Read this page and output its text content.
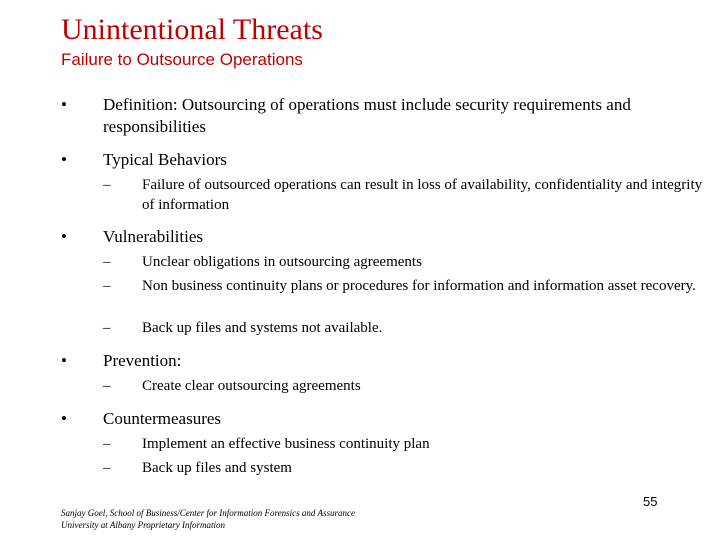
Unintentional Threats
Failure to Outsource Operations
• Definition: Outsourcing of operations must include security requirements and responsibilities
• Typical Behaviors
– Failure of outsourced operations can result in loss of availability, confidentiality and integrity of information
• Vulnerabilities
– Unclear obligations in outsourcing agreements
– Non business continuity plans or procedures for information and information asset recovery.
– Back up files and systems not available.
• Prevention:
– Create clear outsourcing agreements
• Countermeasures
– Implement an effective business continuity plan
– Back up files and system
Sanjay Goel, School of Business/Center for Information Forensics and Assurance
University at Albany Proprietary Information
55
